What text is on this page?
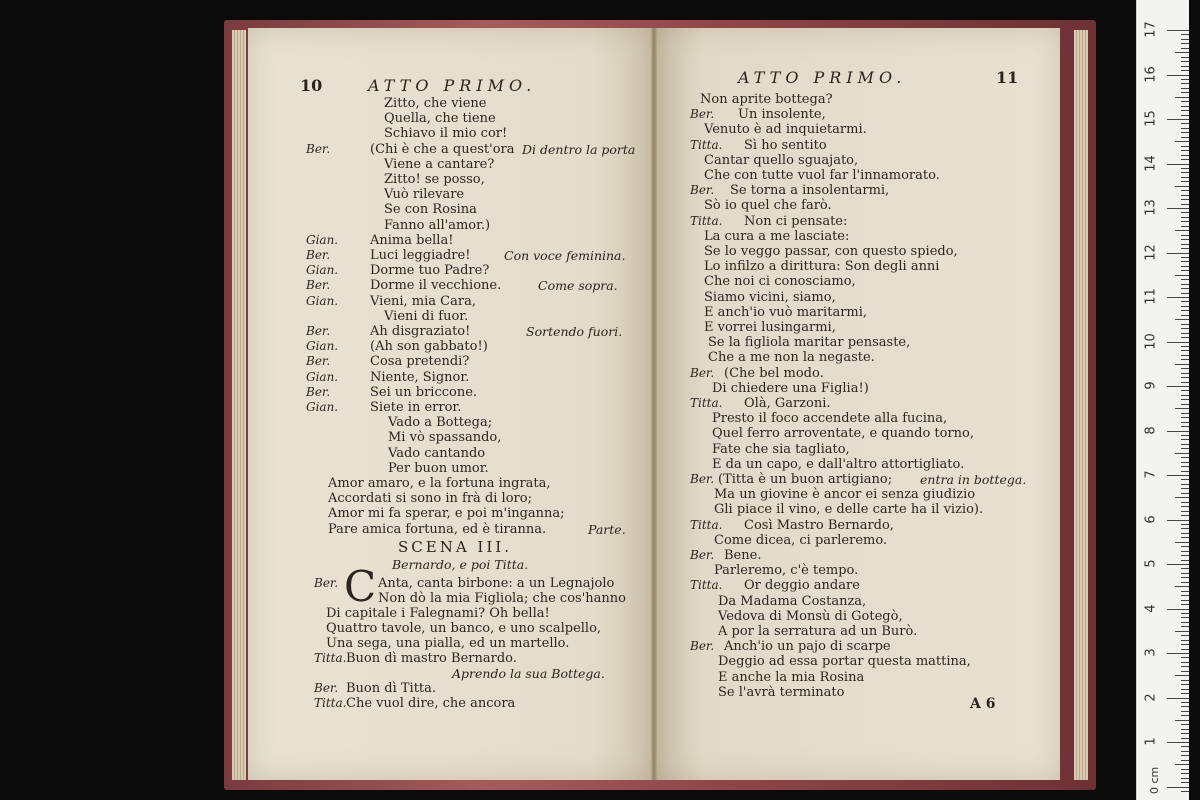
17
16
15
14
13
12
11
10
9
8
7
6
5
4
3
2
1
0 cm
10	ATTO PRIMO.	ATTO PRIMO.	11
SCENA III.
Bernardo, e poi Titta.
C
A 6
Zitto, che viene
Quella, che tiene
Schiavo il mio cor!
Ber.	(Chi è che a quest'ora Di dentro la porta
Viene a cantare?
Zitto! se posso,
Vuò rilevare
Se con Rosina
Fanno all'amor.)
Gian. Anima bella!
Ber.	Luci leggiadre!	Con voce feminina.
Gian. Dorme tuo Padre?
Ber.	Dorme il vecchione.	Come sopra.
Gian. Vieni, mia Cara,
Vieni di fuor.
Ber.	Ah disgraziato!	Sortendo fuori.
Gian. (Ah son gabbato!)
Ber.	Cosa pretendi?
Gian. Niente, Signor.
Ber.	Sei un briccone.
Gian. Siete in error.
Vado a Bottega;
Mi vò spassando,
Vado cantando
Per buon umor.
Amor amaro, e la fortuna ingrata,
Accordati si sono in frà di loro;
Amor mi fa sperar, e poi m'inganna;
Pare amica fortuna, ed è tiranna.	Parte.
Ber.	Anta, canta birbone: a un Legnajolo
Non dò la mia Figliola; che cos'hanno
Di capitale i Falegnami? Oh bella!
Quattro tavole, un banco, e uno scalpello,
Una sega, una pialla, ed un martello.
Titta. Buon dì mastro Bernardo.
Aprendo la sua Bottega.
Ber. Buon dì Titta.
Titta. Che vuol dire, che ancora
Non aprite bottega?
Ber. Un insolente,
Venuto è ad inquietarmi.
Titta. Sì ho sentito
Cantar quello sguajato,
Che con tutte vuol far l'innamorato.
Ber. Se torna a insolentarmi,
Sò io quel che farò.
Titta. Non ci pensate:
La cura a me lasciate:
Se lo veggo passar, con questo spiedo,
Lo infilzo a dirittura: Son degli anni
Che noi ci conosciamo,
Siamo vicini, siamo,
E anch'io vuò maritarmi,
E vorrei lusingarmi,
Se la figliola maritar pensaste,
Che a me non la negaste.
Ber. (Che bel modo.
Di chiedere una Figlia!)
Titta. Olà, Garzoni.
Presto il foco accendete alla fucina,
Quel ferro arroventate, e quando torno,
Fate che sia tagliato,
E da un capo, e dall'altro attortigliato.
Ber. (Titta è un buon artigiano; entra in bottega.
Ma un giovine è ancor ei senza giudizio
Gli piace il vino, e delle carte ha il vizio).
Titta. Così Mastro Bernardo,
Come dicea, ci parleremo.
Ber. Bene.
Parleremo, c'è tempo.
Titta. Or deggio andare
Da Madama Costanza,
Vedova di Monsù di Gotegò,
A por la serratura ad un Burò.
Ber. Anch'io un pajo di scarpe
Deggio ad essa portar questa mattina,
E anche la mia Rosina
Se l'avrà terminato
